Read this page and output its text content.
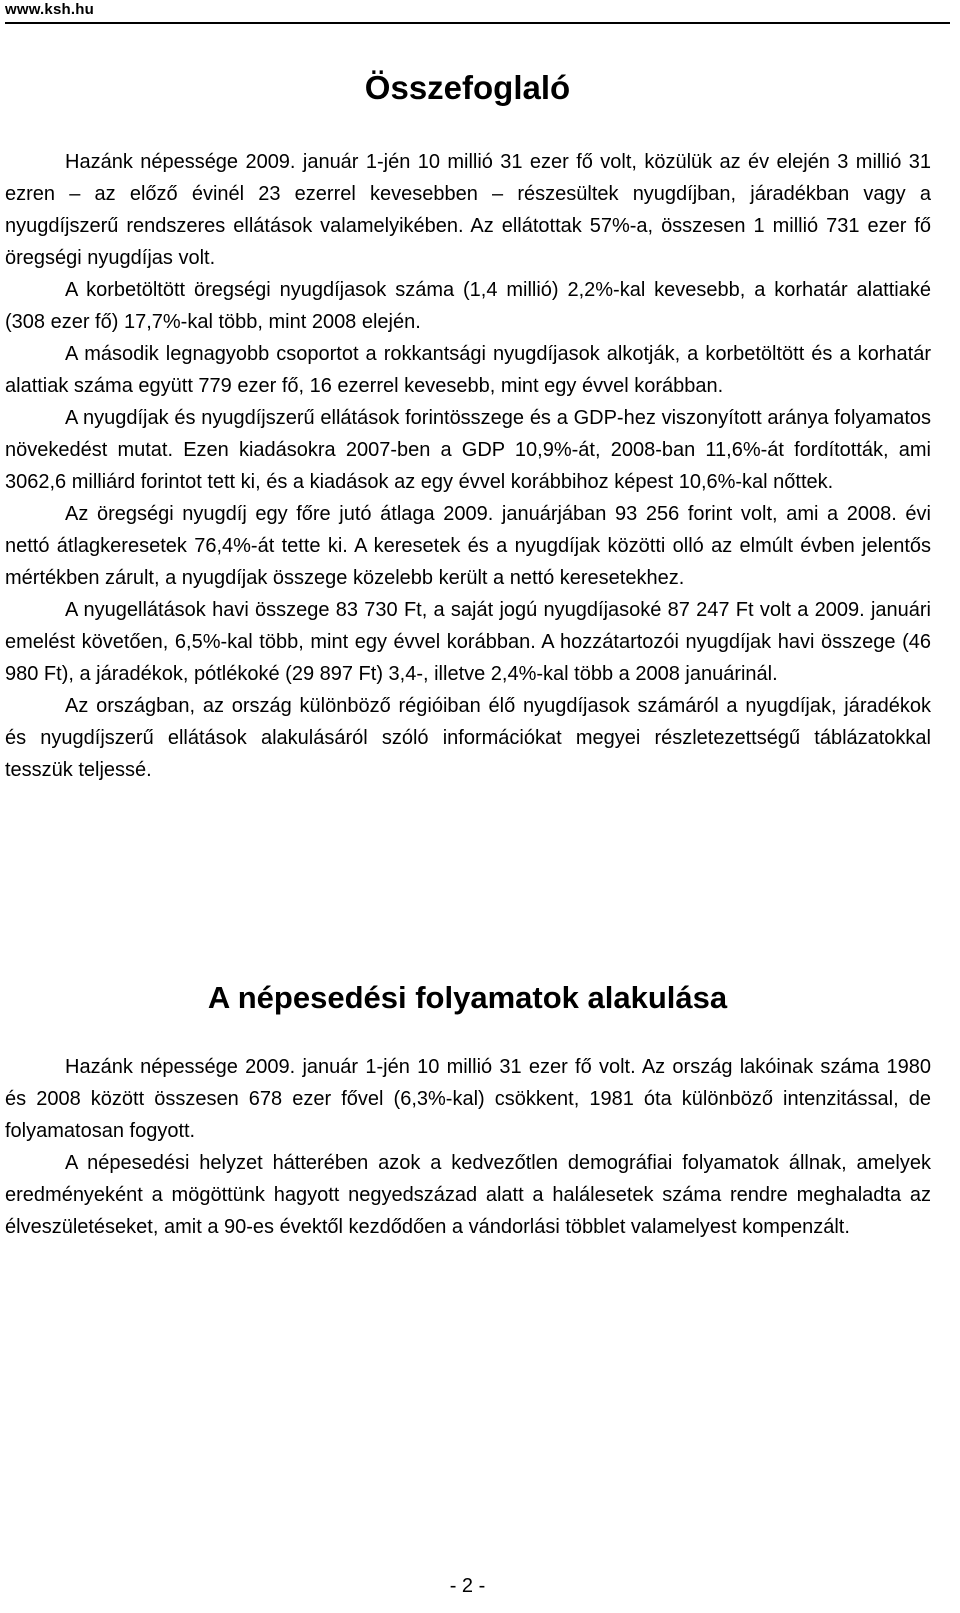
www.ksh.hu
Összefoglaló

Hazánk népessége 2009. január 1-jén 10 millió 31 ezer fő volt, közülük az év elején 3 millió 31 ezren – az előző évinél 23 ezerrel kevesebben – részesültek nyugdíjban, járadékban vagy a nyugdíjszerű rendszeres ellátások valamelyikében. Az ellátottak 57%-a, összesen 1 millió 731 ezer fő öregségi nyugdíjas volt.

A korbetöltött öregségi nyugdíjasok száma (1,4 millió) 2,2%-kal kevesebb, a korhatár alattiaké (308 ezer fő) 17,7%-kal több, mint 2008 elején.

A második legnagyobb csoportot a rokkantsági nyugdíjasok alkotják, a korbetöltött és a korhatár alattiak száma együtt 779 ezer fő, 16 ezerrel kevesebb, mint egy évvel korábban.

A nyugdíjak és nyugdíjszerű ellátások forintösszege és a GDP-hez viszonyított aránya folyamatos növekedést mutat. Ezen kiadásokra 2007-ben a GDP 10,9%-át, 2008-ban 11,6%-át fordították, ami 3062,6 milliárd forintot tett ki, és a kiadások az egy évvel korábbihoz képest 10,6%-kal nőttek.

Az öregségi nyugdíj egy főre jutó átlaga 2009. januárjában 93 256 forint volt, ami a 2008. évi nettó átlagkeresetek 76,4%-át tette ki. A keresetek és a nyugdíjak közötti olló az elmúlt évben jelentős mértékben zárult, a nyugdíjak összege közelebb került a nettó keresetekhez.

A nyugellátások havi összege 83 730 Ft, a saját jogú nyugdíjasoké 87 247 Ft volt a 2009. januári emelést követően, 6,5%-kal több, mint egy évvel korábban. A hozzátartozói nyugdíjak havi összege (46 980 Ft), a járadékok, pótlékoké (29 897 Ft) 3,4-, illetve 2,4%-kal több a 2008 januárinál.

Az országban, az ország különböző régióiban élő nyugdíjasok számáról a nyugdíjak, járadékok és nyugdíjszerű ellátások alakulásáról szóló információkat megyei részletezettségű táblázatokkal tesszük teljessé.

A népesedési folyamatok alakulása

Hazánk népessége 2009. január 1-jén 10 millió 31 ezer fő volt. Az ország lakóinak száma 1980 és 2008 között összesen 678 ezer fővel (6,3%-kal) csökkent, 1981 óta különböző intenzitással, de folyamatosan fogyott.

A népesedési helyzet hátterében azok a kedvezőtlen demográfiai folyamatok állnak, amelyek eredményeként a mögöttünk hagyott negyedszázad alatt a halálesetek száma rendre meghaladta az élveszületéseket, amit a 90-es évektől kezdődően a vándorlási többlet valamelyest kompenzált.

- 2 -
